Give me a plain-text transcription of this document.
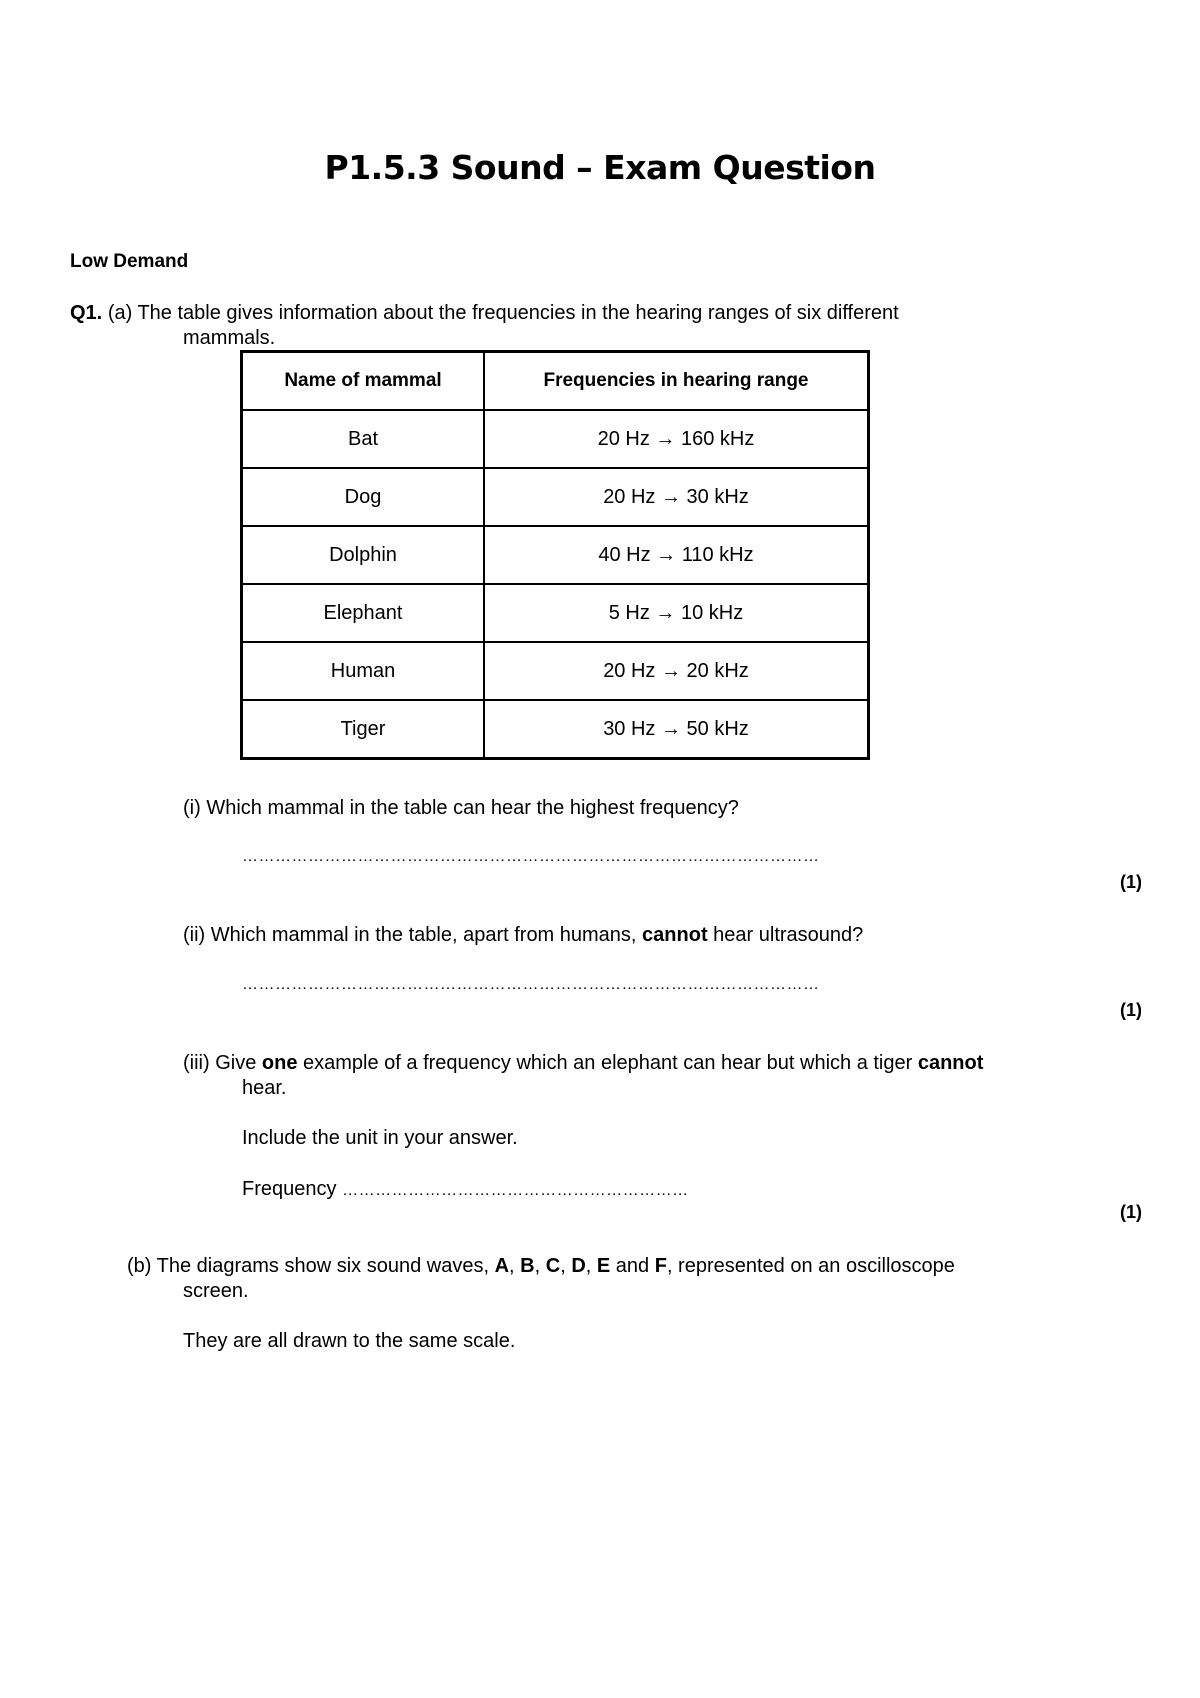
P1.5.3 Sound – Exam Question
Low Demand
Q1. (a) The table gives information about the frequencies in the hearing ranges of six different
mammals.
Name of mammal	Frequencies in hearing range
Bat	20 Hz → 160 kHz
Dog	20 Hz → 30 kHz
Dolphin	40 Hz → 110 kHz
Elephant	5 Hz → 10 kHz
Human	20 Hz → 20 kHz
Tiger	30 Hz → 50 kHz
(i) Which mammal in the table can hear the highest frequency?
……………………………………………………………………………………………
(1)
(ii) Which mammal in the table, apart from humans, cannot hear ultrasound?
……………………………………………………………………………………………
(1)
(iii) Give one example of a frequency which an elephant can hear but which a tiger cannot
hear.
Include the unit in your answer.
Frequency ………………………………………………………
(1)
(b) The diagrams show six sound waves, A, B, C, D, E and F, represented on an oscilloscope
screen.
They are all drawn to the same scale.
